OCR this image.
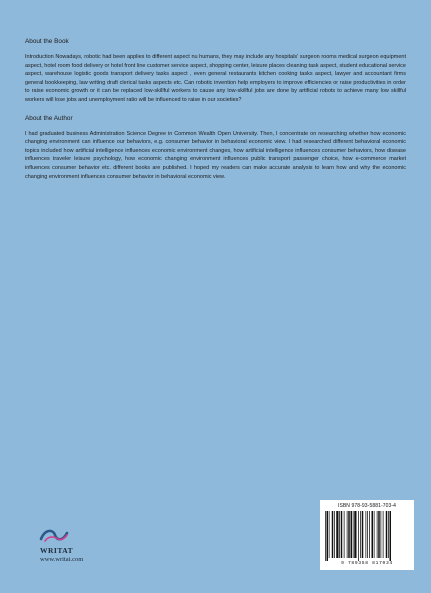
About the Book
Introduction Nowadays, robotic had been applies to different aspect nu humans, they may include any hospitals' surgeon rooms medical surgeon equipment aspect, hotel room food delivery or hotel front line customer service aspect, shopping center, leisure places cleaning task aspect, student educational service aspect, warehouse logistic goods transport delivery tasks aspect , even general restaurants kitchen cooking tasks aspect, lawyer and accountant firms general bookkeeping, law writing draft clerical tasks aspects etc. Can robotic invention help employers to improve efficiencies or raise productivities in order to raise economic growth or it can be replaced low-skillful workers to cause any low-skillful jobs are done by artificial robots to achieve many low skillful workers will lose jobs and unemployment ratio will be influenced to raise in our societies?
About the Author
I had graduated business Administration Science Degree in Common Wealth Open University. Then, I concentrate on researching whether how economic changing environment can influence our behaviors, e.g. consumer behavior in behavioral economic view. I had researched different behavioral economic topics included how artificial intelligence influences economic environment changes, how artificial intelligence influences consumer behaviors, how disease influences traveler leisure psychology, how economic changing environment influences public transport passenger choice, how e-commerce market influences consumer behavior etc. different books are published. I hoped my readers can make accurate analysis to learn how and why the economic changing environment influences consumer behavior in behavioral economic view.
WRITAT
www.writat.com
ISBN 978-93-5881-703-4
9 789358 817034
